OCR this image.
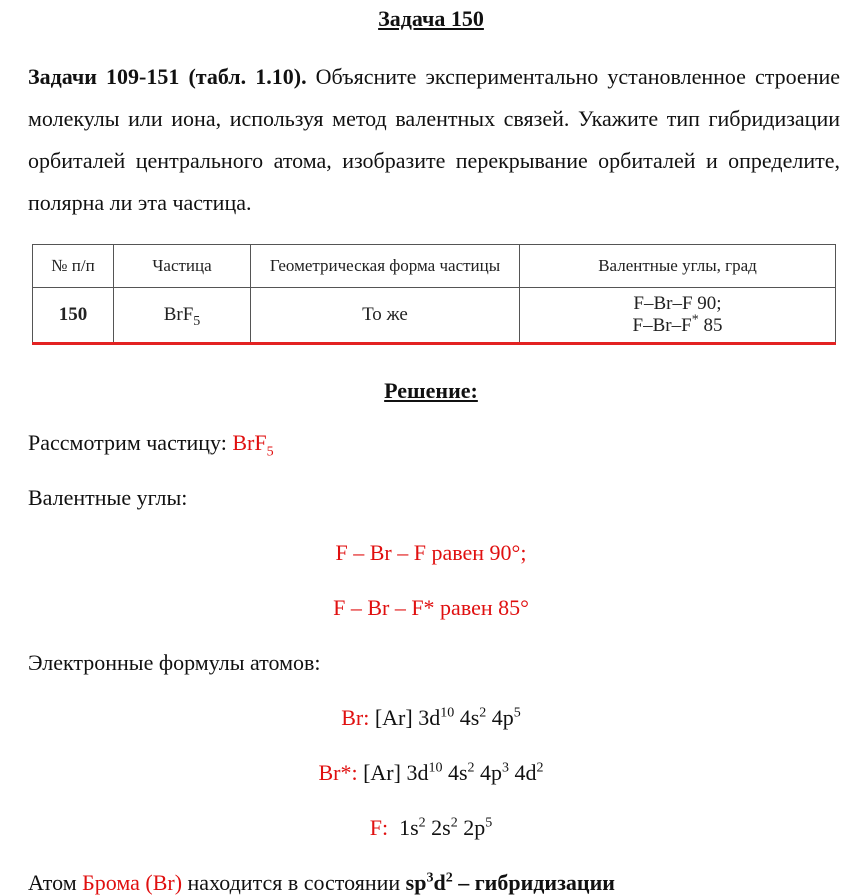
Задача 150
Задачи 109-151 (табл. 1.10). Объясните экспериментально установленное строение молекулы или иона, используя метод валентных связей. Укажите тип гибридизации орбиталей центрального атома, изобразите перекрывание орбиталей и определите, полярна ли эта частица.
№ п/п	Частица	Геометрическая форма частицы	Валентные углы, град
150	BrF$_5$	То же	F–Br–F 90;
F–Br–F* 85
Решение:
Рассмотрим частицу: BrF$_5$
Валентные углы:
F – Br – F равен 90°;
F – Br – F* равен 85°
Электронные формулы атомов:
Br: [Ar] $3d^{10}$ $4s^2$ $4p^5$
Br*: [Ar] $3d^{10}$ $4s^2$ $4p^3$ $4d^2$
F: $1s^2$ $2s^2$ $2p^5$
Атом Брома (Br) находится в состоянии $sp^3d^2$ – гибридизации
